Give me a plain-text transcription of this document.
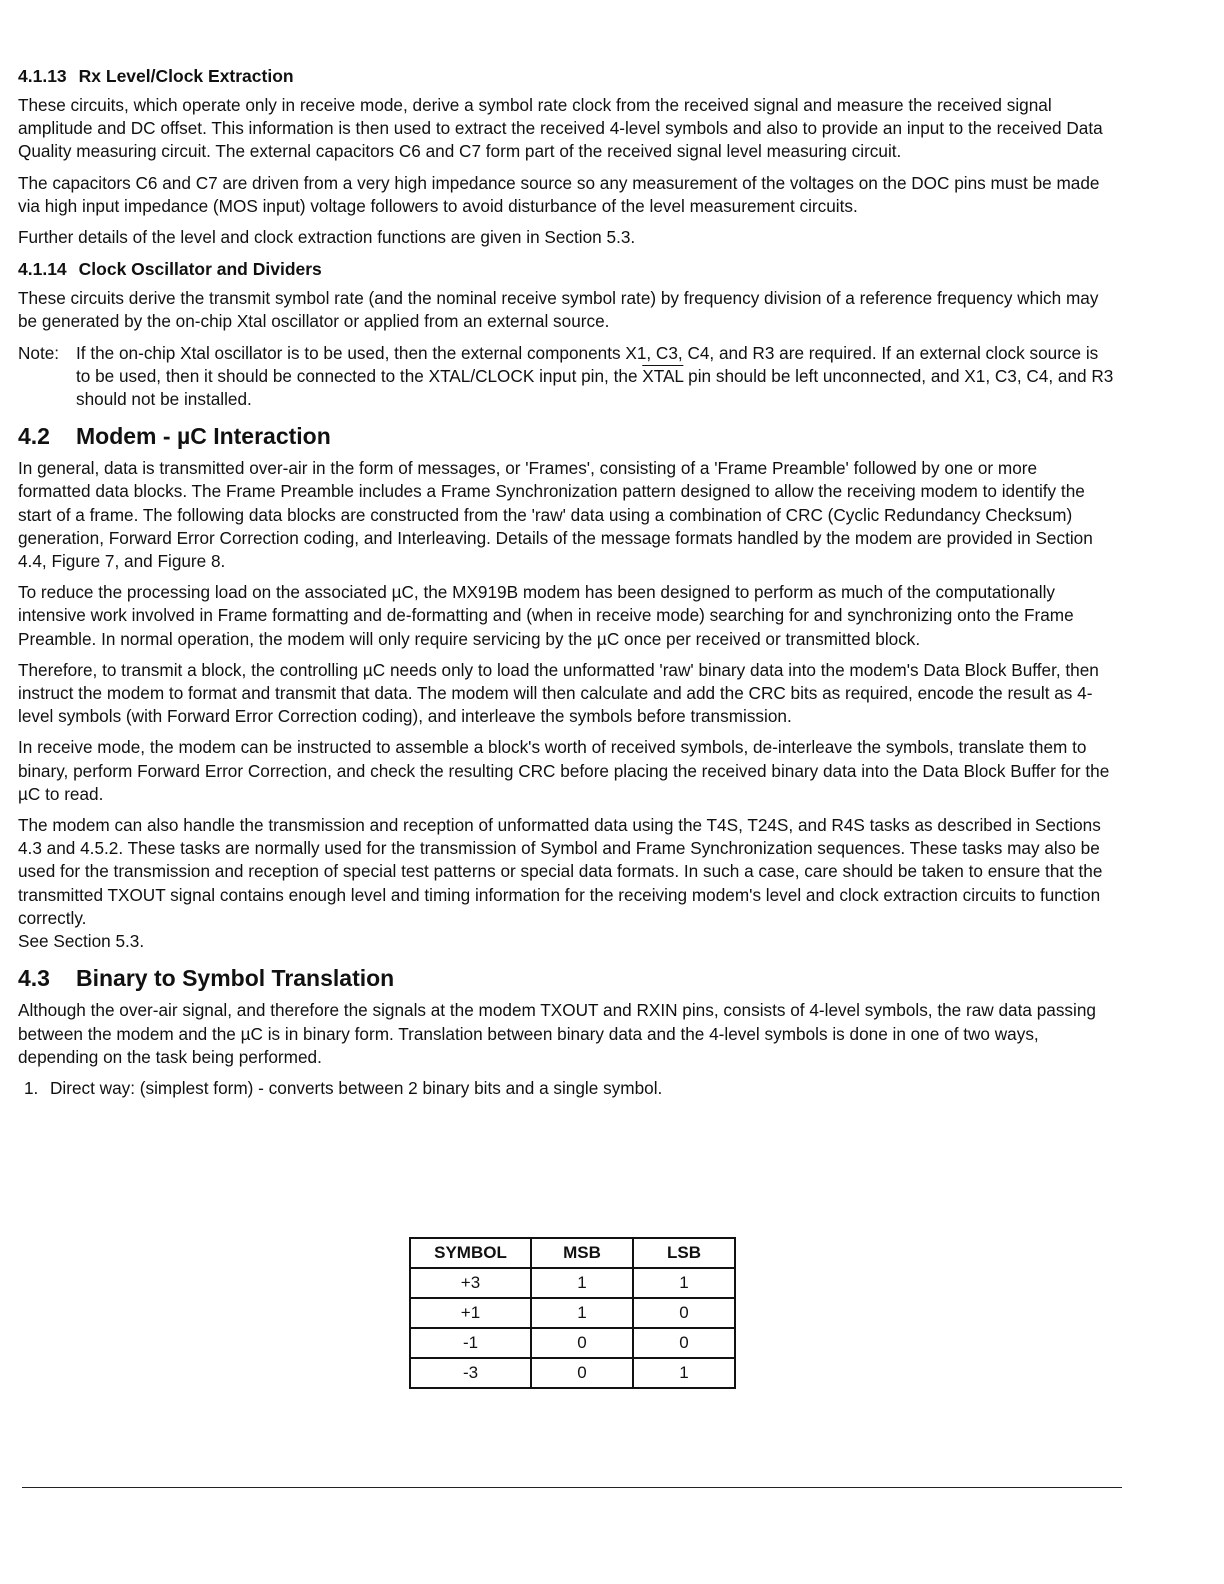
4.1.13 Rx Level/Clock Extraction

These circuits, which operate only in receive mode, derive a symbol rate clock from the received signal and measure the received signal amplitude and DC offset. This information is then used to extract the received 4-level symbols and also to provide an input to the received Data Quality measuring circuit. The external capacitors C6 and C7 form part of the received signal level measuring circuit.

The capacitors C6 and C7 are driven from a very high impedance source so any measurement of the voltages on the DOC pins must be made via high input impedance (MOS input) voltage followers to avoid disturbance of the level measurement circuits.

Further details of the level and clock extraction functions are given in Section 5.3.

4.1.14 Clock Oscillator and Dividers

These circuits derive the transmit symbol rate (and the nominal receive symbol rate) by frequency division of a reference frequency which may be generated by the on-chip Xtal oscillator or applied from an external source.

Note: If the on-chip Xtal oscillator is to be used, then the external components X1, C3, C4, and R3 are required. If an external clock source is to be used, then it should be connected to the XTAL/CLOCK input pin, the XTAL pin should be left unconnected, and X1, C3, C4, and R3 should not be installed.
4.2 Modem - µC Interaction

In general, data is transmitted over-air in the form of messages, or 'Frames', consisting of a 'Frame Preamble' followed by one or more formatted data blocks. The Frame Preamble includes a Frame Synchronization pattern designed to allow the receiving modem to identify the start of a frame. The following data blocks are constructed from the 'raw' data using a combination of CRC (Cyclic Redundancy Checksum) generation, Forward Error Correction coding, and Interleaving. Details of the message formats handled by the modem are provided in Section 4.4, Figure 7, and Figure 8.

To reduce the processing load on the associated µC, the MX919B modem has been designed to perform as much of the computationally intensive work involved in Frame formatting and de-formatting and (when in receive mode) searching for and synchronizing onto the Frame Preamble. In normal operation, the modem will only require servicing by the µC once per received or transmitted block.

Therefore, to transmit a block, the controlling µC needs only to load the unformatted 'raw' binary data into the modem's Data Block Buffer, then instruct the modem to format and transmit that data. The modem will then calculate and add the CRC bits as required, encode the result as 4-level symbols (with Forward Error Correction coding), and interleave the symbols before transmission.

In receive mode, the modem can be instructed to assemble a block's worth of received symbols, de-interleave the symbols, translate them to binary, perform Forward Error Correction, and check the resulting CRC before placing the received binary data into the Data Block Buffer for the µC to read.

The modem can also handle the transmission and reception of unformatted data using the T4S, T24S, and R4S tasks as described in Sections 4.3 and 4.5.2. These tasks are normally used for the transmission of Symbol and Frame Synchronization sequences. These tasks may also be used for the transmission and reception of special test patterns or special data formats. In such a case, care should be taken to ensure that the transmitted TXOUT signal contains enough level and timing information for the receiving modem's level and clock extraction circuits to function correctly.
See Section 5.3.

4.3 Binary to Symbol Translation

Although the over-air signal, and therefore the signals at the modem TXOUT and RXIN pins, consists of 4-level symbols, the raw data passing between the modem and the µC is in binary form. Translation between binary data and the 4-level symbols is done in one of two ways, depending on the task being performed.

1. Direct way: (simplest form) - converts between 2 binary bits and a single symbol.
SYMBOL	MSB	LSB
+3	1	1
+1	1	0
-1	0	0
-3	0	1
